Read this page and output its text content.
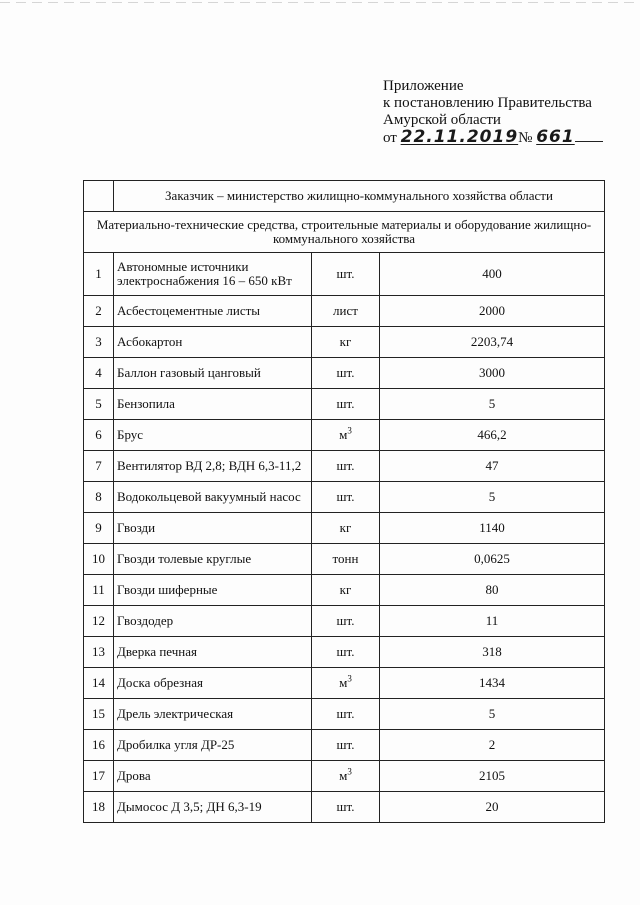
Приложение
к постановлению Правительства
Амурской области
от 22.11.2019№ 661
	Заказчик – министерство жилищно-коммунального хозяйства области		
Материально-технические средства, строительные материалы и оборудование жилищно-коммунального хозяйства			
1	Автономные источники электроснабжения 16 – 650 кВт	шт.	400
2	Асбестоцементные листы	лист	2000
3	Асбокартон	кг	2203,74
4	Баллон газовый цанговый	шт.	3000
5	Бензопила	шт.	5
6	Брус	$м^3$	466,2
7	Вентилятор ВД 2,8; ВДН 6,3-11,2	шт.	47
8	Водокольцевой вакуумный насос	шт.	5
9	Гвозди	кг	1140
10	Гвозди толевые круглые	тонн	0,0625
11	Гвозди шиферные	кг	80
12	Гвоздодер	шт.	11
13	Дверка печная	шт.	318
14	Доска обрезная	$м^3$	1434
15	Дрель электрическая	шт.	5
16	Дробилка угля ДР-25	шт.	2
17	Дрова	$м^3$	2105
18	Дымосос Д 3,5; ДН 6,3-19	шт.	20
